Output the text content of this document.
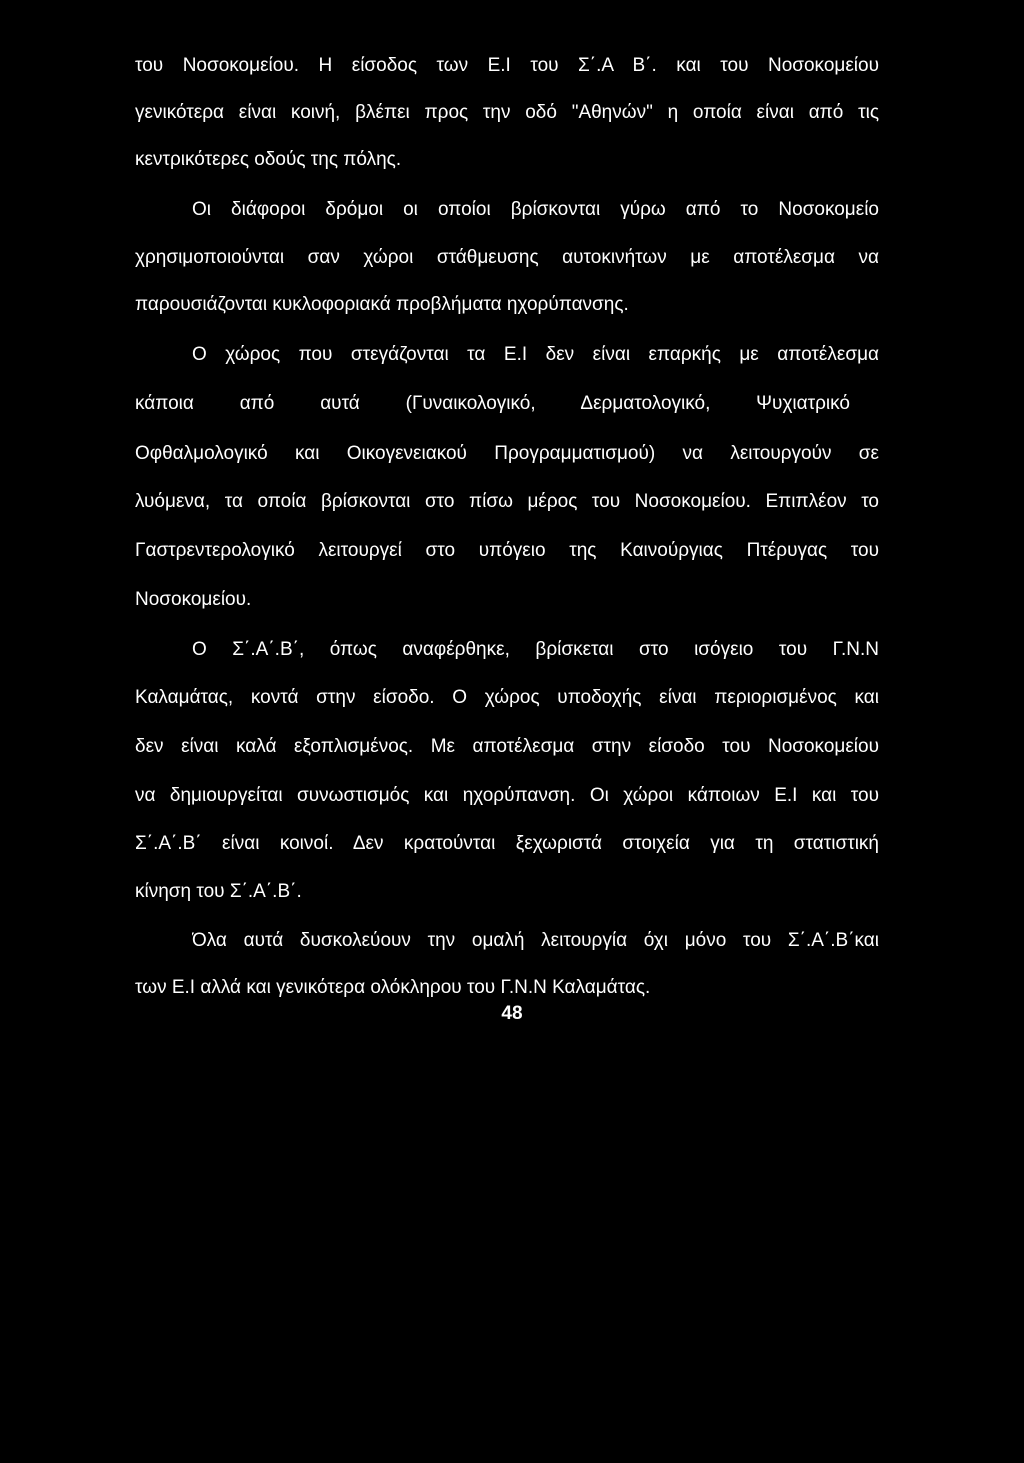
του Νοσοκομείου. Η είσοδος των Ε.Ι του Σ΄.Α Β΄. και του Νοσοκομείου
γενικότερα είναι κοινή, βλέπει προς την οδό "Αθηνών" η οποία είναι από τις
κεντρικότερες οδούς της πόλης.
Οι διάφοροι δρόμοι οι οποίοι βρίσκονται γύρω από το Νοσοκομείο
χρησιμοποιούνται σαν χώροι στάθμευσης αυτοκινήτων με αποτέλεσμα να
παρουσιάζονται κυκλοφοριακά προβλήματα ηχορύπανσης.
Ο χώρος που στεγάζονται τα Ε.Ι δεν είναι επαρκής με αποτέλεσμα
κάποια από αυτά (Γυναικολογικό, Δερματολογικό, Ψυχιατρικό
Οφθαλμολογικό και Οικογενειακού Προγραμματισμού) να λειτουργούν σε
λυόμενα, τα οποία βρίσκονται στο πίσω μέρος του Νοσοκομείου. Επιπλέον το
Γαστρεντερολογικό λειτουργεί στο υπόγειο της Καινούργιας Πτέρυγας του
Νοσοκομείου.
Ο Σ΄.Α΄.Β΄, όπως αναφέρθηκε, βρίσκεται στο ισόγειο του Γ.Ν.Ν
Καλαμάτας, κοντά στην είσοδο. Ο χώρος υποδοχής είναι περιορισμένος και
δεν είναι καλά εξοπλισμένος. Με αποτέλεσμα στην είσοδο του Νοσοκομείου
να δημιουργείται συνωστισμός και ηχορύπανση. Οι χώροι κάποιων Ε.Ι και του
Σ΄.Α΄.Β΄ είναι κοινοί. Δεν κρατούνται ξεχωριστά στοιχεία για τη στατιστική
κίνηση του Σ΄.Α΄.Β΄.
Όλα αυτά δυσκολεύουν την ομαλή λειτουργία όχι μόνο του Σ΄.Α΄.Β΄και
των Ε.Ι αλλά και γενικότερα ολόκληρου του Γ.Ν.Ν Καλαμάτας.
48
